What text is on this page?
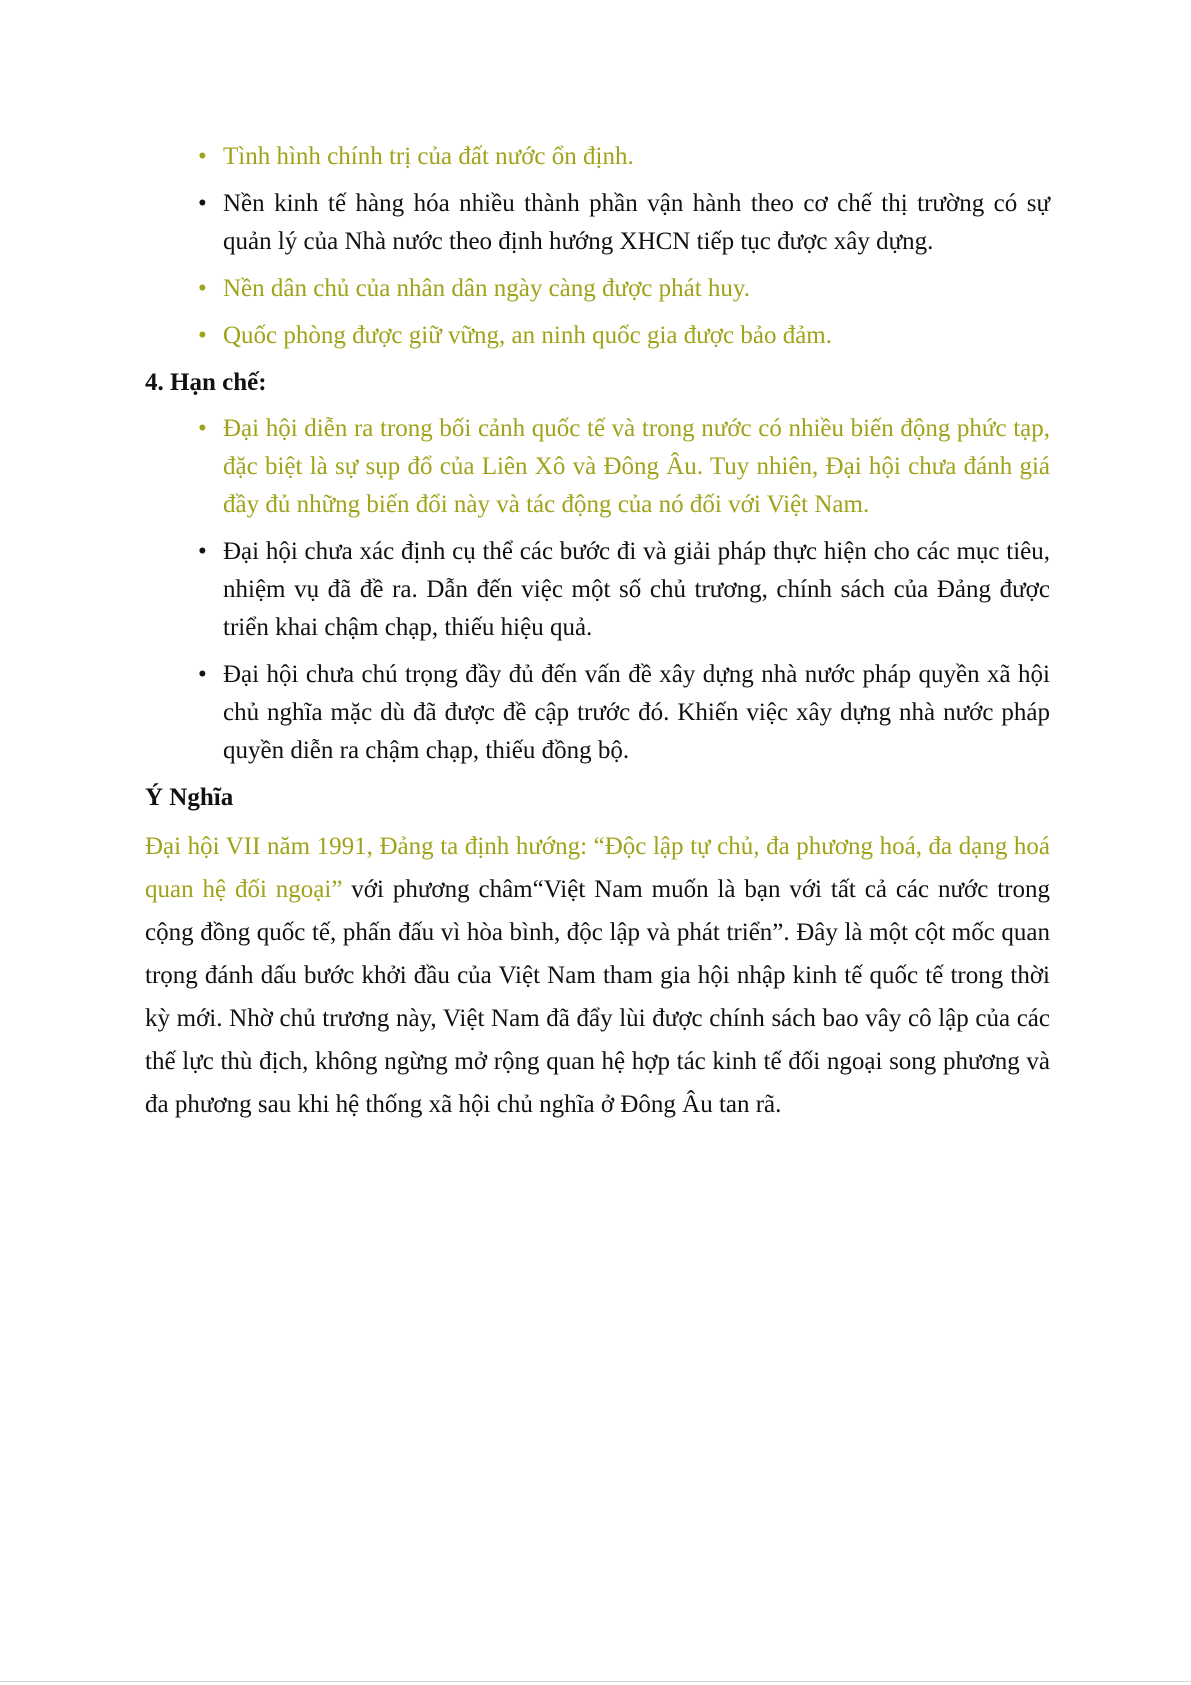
• Tình hình chính trị của đất nước ổn định.
• Nền kinh tế hàng hóa nhiều thành phần vận hành theo cơ chế thị trường có sự quản lý của Nhà nước theo định hướng XHCN tiếp tục được xây dựng.
• Nền dân chủ của nhân dân ngày càng được phát huy.
• Quốc phòng được giữ vững, an ninh quốc gia được bảo đảm.
4. Hạn chế:
• Đại hội diễn ra trong bối cảnh quốc tế và trong nước có nhiều biến động phức tạp, đặc biệt là sự sụp đổ của Liên Xô và Đông Âu. Tuy nhiên, Đại hội chưa đánh giá đầy đủ những biến đổi này và tác động của nó đối với Việt Nam.
• Đại hội chưa xác định cụ thể các bước đi và giải pháp thực hiện cho các mục tiêu, nhiệm vụ đã đề ra. Dẫn đến việc một số chủ trương, chính sách của Đảng được triển khai chậm chạp, thiếu hiệu quả.
• Đại hội chưa chú trọng đầy đủ đến vấn đề xây dựng nhà nước pháp quyền xã hội chủ nghĩa mặc dù đã được đề cập trước đó. Khiến việc xây dựng nhà nước pháp quyền diễn ra chậm chạp, thiếu đồng bộ.
Ý Nghĩa

Đại hội VII năm 1991, Đảng ta định hướng: “Độc lập tự chủ, đa phương hoá, đa dạng hoá quan hệ đối ngoại” với phương châm“Việt Nam muốn là bạn với tất cả các nước trong cộng đồng quốc tế, phấn đấu vì hòa bình, độc lập và phát triển”. Đây là một cột mốc quan trọng đánh dấu bước khởi đầu của Việt Nam tham gia hội nhập kinh tế quốc tế trong thời kỳ mới. Nhờ chủ trương này, Việt Nam đã đẩy lùi được chính sách bao vây cô lập của các thế lực thù địch, không ngừng mở rộng quan hệ hợp tác kinh tế đối ngoại song phương và đa phương sau khi hệ thống xã hội chủ nghĩa ở Đông Âu tan rã.
